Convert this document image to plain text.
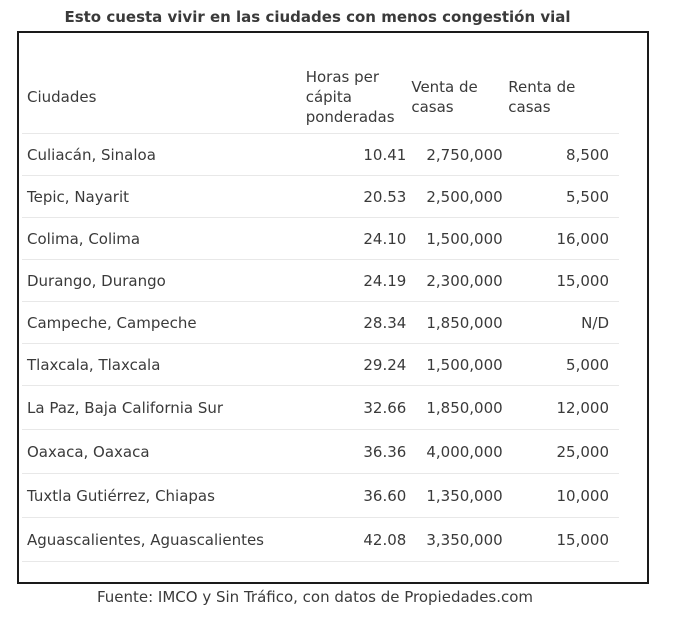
Esto cuesta vivir en las ciudades con menos congestión vial
Ciudades	Horas per cápita ponderadas	Venta de casas	Renta de casas
Culiacán, Sinaloa	10.41	2,750,000	8,500
Tepic, Nayarit	20.53	2,500,000	5,500
Colima, Colima	24.10	1,500,000	16,000
Durango, Durango	24.19	2,300,000	15,000
Campeche, Campeche	28.34	1,850,000	N/D
Tlaxcala, Tlaxcala	29.24	1,500,000	5,000
La Paz, Baja California Sur	32.66	1,850,000	12,000
Oaxaca, Oaxaca	36.36	4,000,000	25,000
Tuxtla Gutiérrez, Chiapas	36.60	1,350,000	10,000
Aguascalientes, Aguascalientes	42.08	3,350,000	15,000

Fuente: IMCO y Sin Tráfico, con datos de Propiedades.com
